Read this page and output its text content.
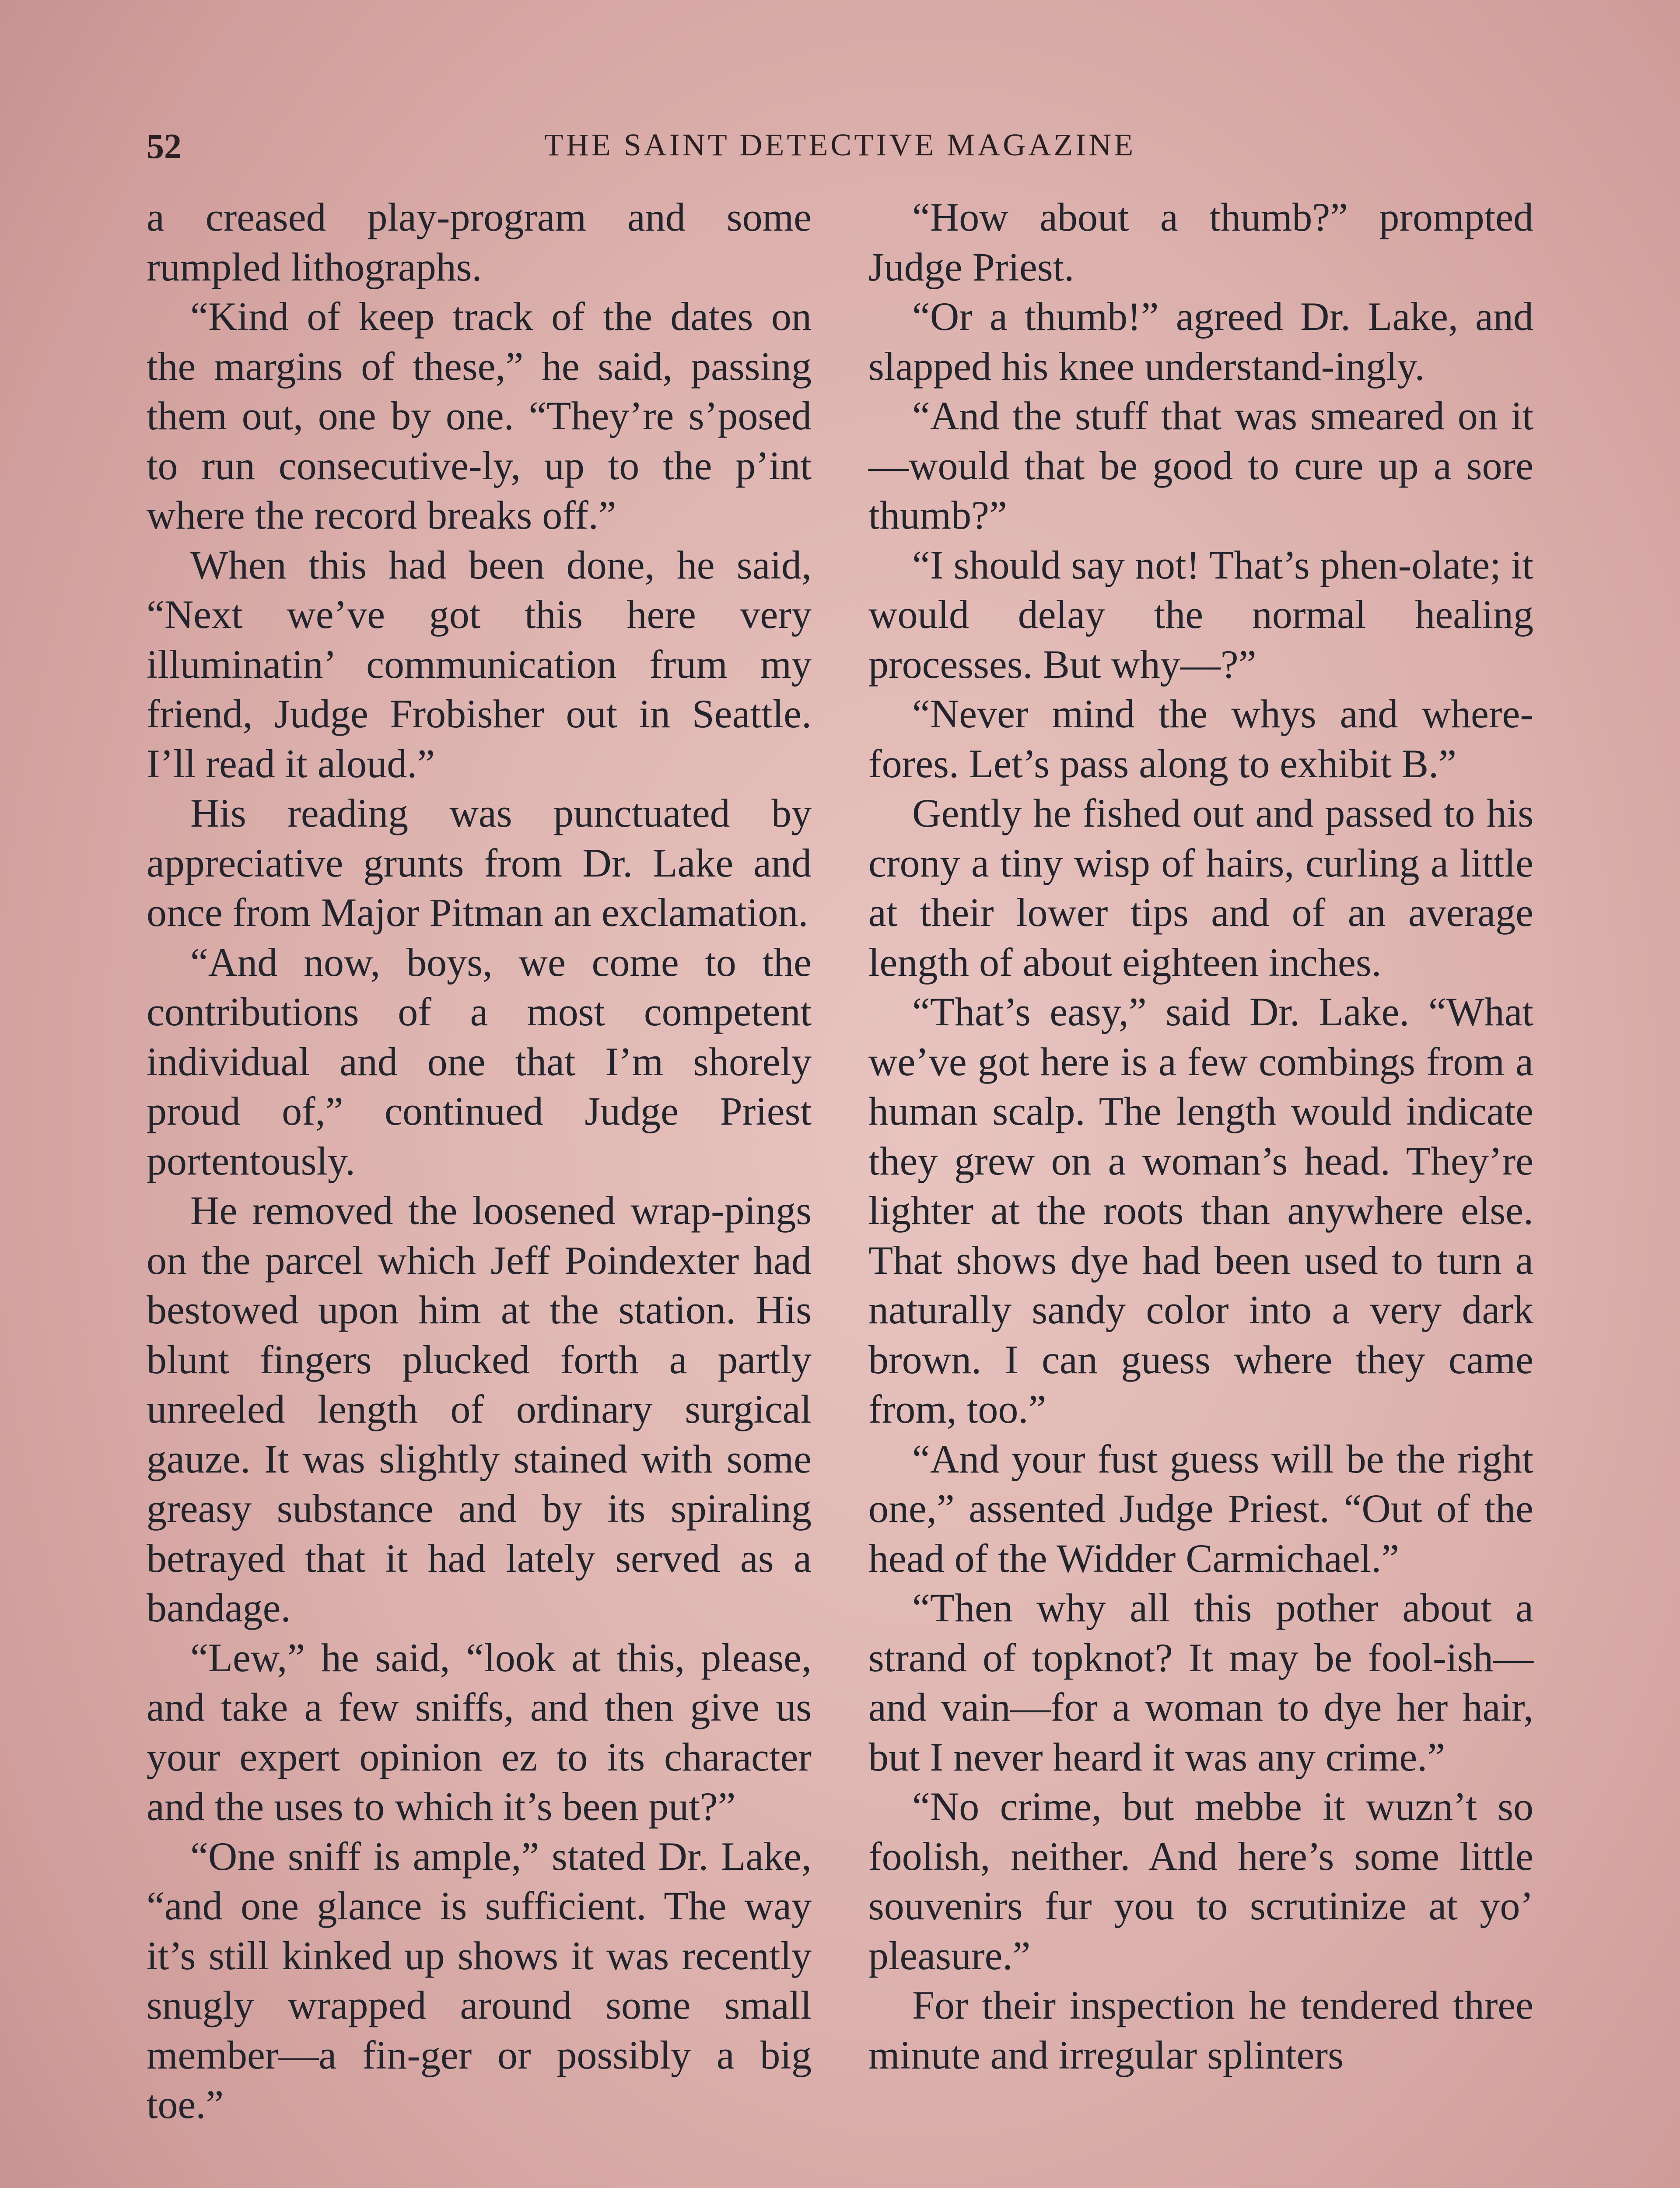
52	THE SAINT DETECTIVE MAGAZINE

a creased play-program and some rumpled lithographs.

“Kind of keep track of the dates on the margins of these,” he said, passing them out, one by one. “They’re s’posed to run consecutive-ly, up to the p’int where the record breaks off.”

When this had been done, he said, “Next we’ve got this here very illuminatin’ communication frum my friend, Judge Frobisher out in Seattle. I’ll read it aloud.”

His reading was punctuated by appreciative grunts from Dr. Lake and once from Major Pitman an exclamation.

“And now, boys, we come to the contributions of a most competent individual and one that I’m shorely proud of,” continued Judge Priest portentously.

He removed the loosened wrap-pings on the parcel which Jeff Poindexter had bestowed upon him at the station. His blunt fingers plucked forth a partly unreeled length of ordinary surgical gauze. It was slightly stained with some greasy substance and by its spiraling betrayed that it had lately served as a bandage.

“Lew,” he said, “look at this, please, and take a few sniffs, and then give us your expert opinion ez to its character and the uses to which it’s been put?”

“One sniff is ample,” stated Dr. Lake, “and one glance is sufficient. The way it’s still kinked up shows it was recently snugly wrapped around some small member—a fin-ger or possibly a big toe.”

“How about a thumb?” prompted Judge Priest.

“Or a thumb!” agreed Dr. Lake, and slapped his knee understand-ingly.

“And the stuff that was smeared on it—would that be good to cure up a sore thumb?”

“I should say not! That’s phen-olate; it would delay the normal healing processes. But why—?”

“Never mind the whys and where-fores. Let’s pass along to exhibit B.”

Gently he fished out and passed to his crony a tiny wisp of hairs, curling a little at their lower tips and of an average length of about eighteen inches.

“That’s easy,” said Dr. Lake. “What we’ve got here is a few combings from a human scalp. The length would indicate they grew on a woman’s head. They’re lighter at the roots than anywhere else. That shows dye had been used to turn a naturally sandy color into a very dark brown. I can guess where they came from, too.”

“And your fust guess will be the right one,” assented Judge Priest. “Out of the head of the Widder Carmichael.”

“Then why all this pother about a strand of topknot? It may be fool-ish—and vain—for a woman to dye her hair, but I never heard it was any crime.”

“No crime, but mebbe it wuzn’t so foolish, neither. And here’s some little souvenirs fur you to scrutinize at yo’ pleasure.”

For their inspection he tendered three minute and irregular splinters
